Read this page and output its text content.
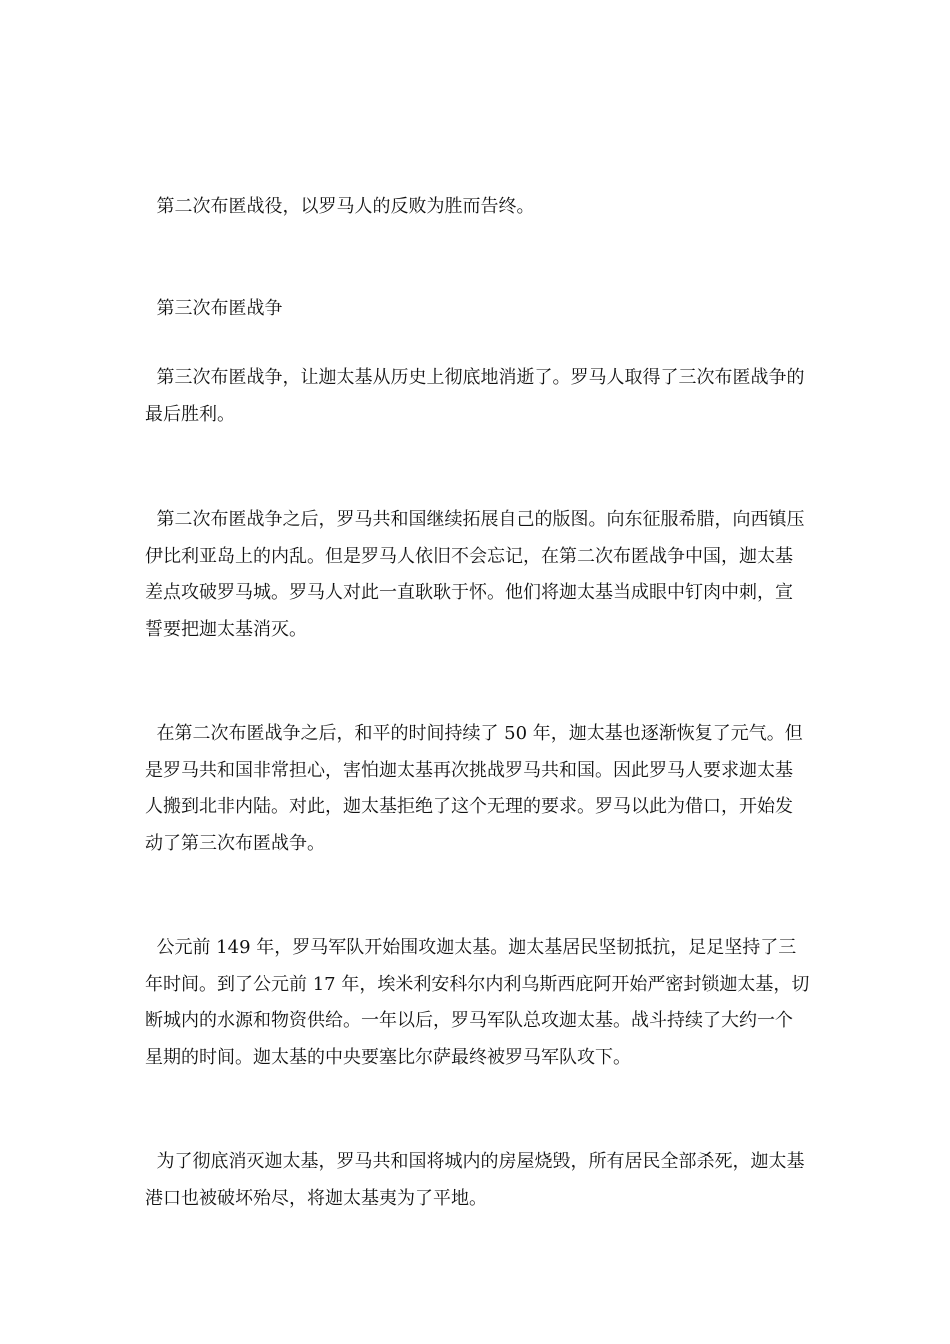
第二次布匿战役，以罗马人的反败为胜而告终。

第三次布匿战争

第三次布匿战争，让迦太基从历史上彻底地消逝了。罗马人取得了三次布匿战争的最后胜利。

第二次布匿战争之后，罗马共和国继续拓展自己的版图。向东征服希腊，向西镇压伊比利亚岛上的内乱。但是罗马人依旧不会忘记，在第二次布匿战争中国，迦太基差点攻破罗马城。罗马人对此一直耿耿于怀。他们将迦太基当成眼中钉肉中刺，宣誓要把迦太基消灭。

在第二次布匿战争之后，和平的时间持续了 50 年，迦太基也逐渐恢复了元气。但是罗马共和国非常担心，害怕迦太基再次挑战罗马共和国。因此罗马人要求迦太基人搬到北非内陆。对此，迦太基拒绝了这个无理的要求。罗马以此为借口，开始发动了第三次布匿战争。

公元前 149 年，罗马军队开始围攻迦太基。迦太基居民坚韧抵抗，足足坚持了三年时间。到了公元前 17 年，埃米利安科尔内利乌斯西庇阿开始严密封锁迦太基，切断城内的水源和物资供给。一年以后，罗马军队总攻迦太基。战斗持续了大约一个星期的时间。迦太基的中央要塞比尔萨最终被罗马军队攻下。

为了彻底消灭迦太基，罗马共和国将城内的房屋烧毁，所有居民全部杀死，迦太基港口也被破坏殆尽，将迦太基夷为了平地。
